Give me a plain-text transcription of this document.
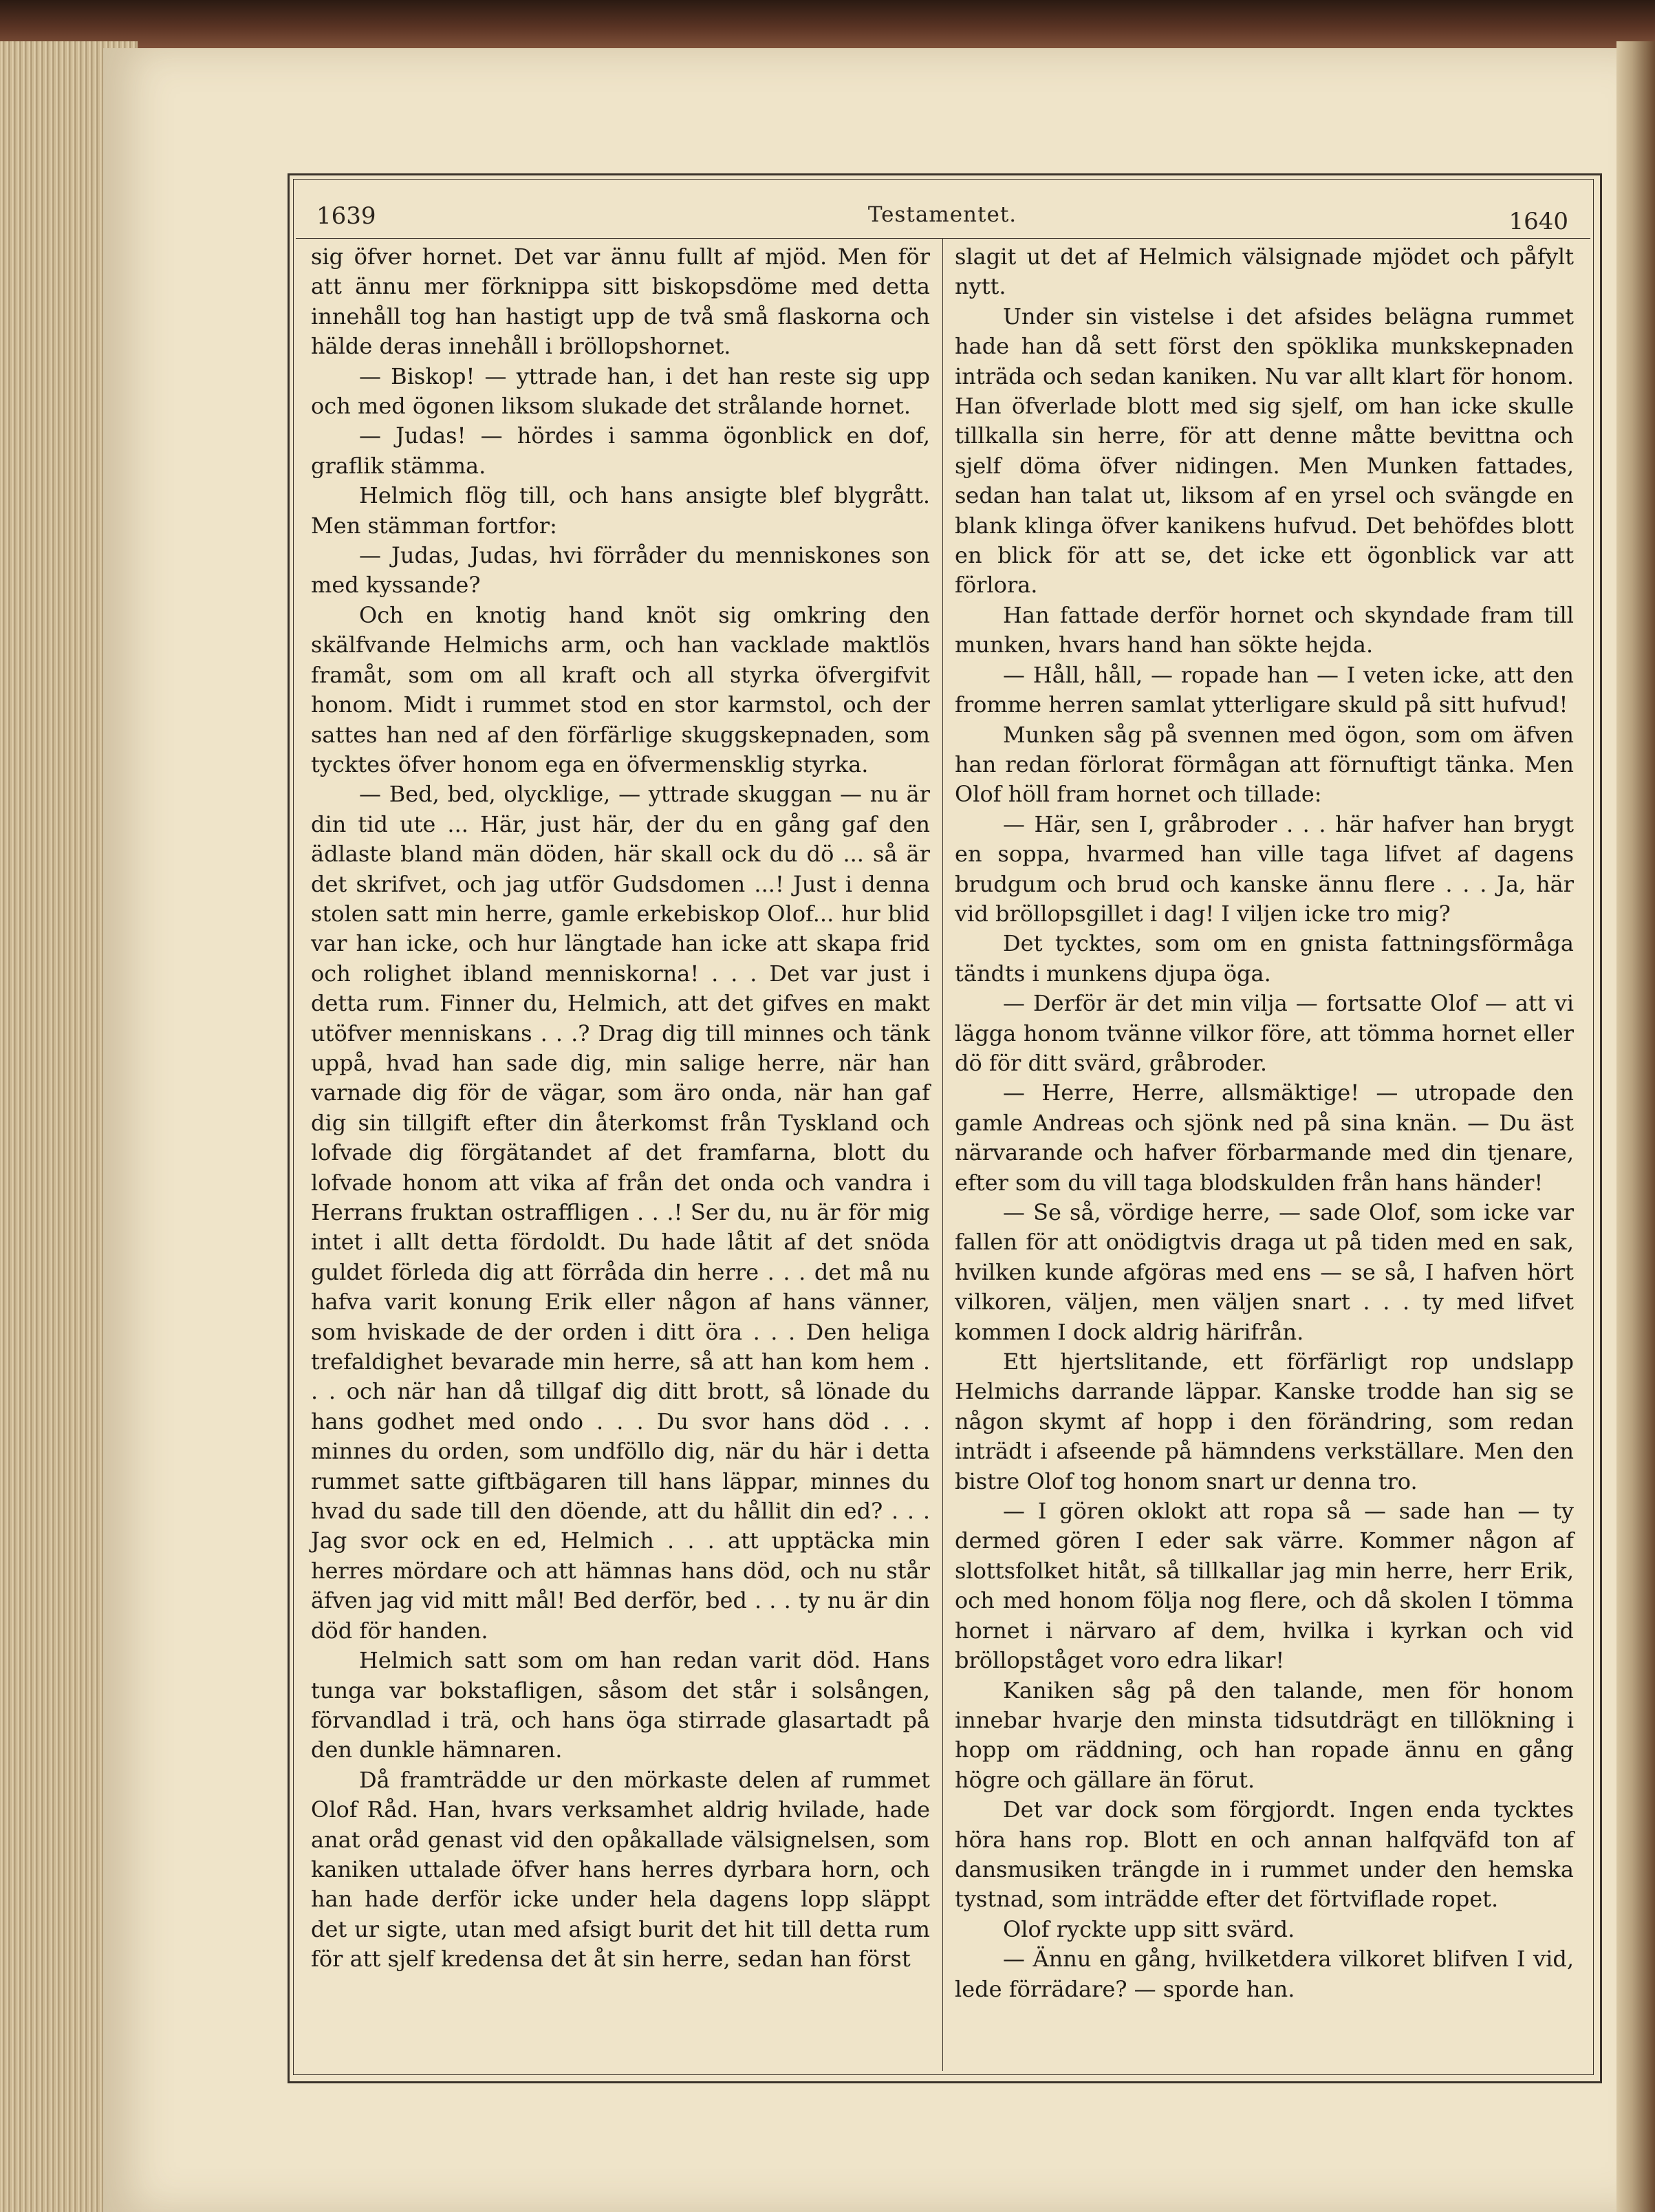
1639	Testamentet.	1640

sig öfver hornet. Det var ännu fullt af mjöd. Men för att ännu mer förknippa sitt biskopsdöme med detta innehåll tog han hastigt upp de två små flaskorna och hälde deras innehåll i bröllopshornet.

— Biskop! — yttrade han, i det han reste sig upp och med ögonen liksom slukade det strålande hornet.

— Judas! — hördes i samma ögonblick en dof, graflik stämma.

Helmich flög till, och hans ansigte blef blygrått. Men stämman fortfor:

— Judas, Judas, hvi förråder du menniskones son med kyssande?

Och en knotig hand knöt sig omkring den skälfvande Helmichs arm, och han vacklade maktlös framåt, som om all kraft och all styrka öfvergifvit honom. Midt i rummet stod en stor karmstol, och der sattes han ned af den förfärlige skuggskepnaden, som tycktes öfver honom ega en öfvermensklig styrka.

— Bed, bed, olycklige, — yttrade skuggan — nu är din tid ute ... Här, just här, der du en gång gaf den ädlaste bland män döden, här skall ock du dö ... så är det skrifvet, och jag utför Gudsdomen ...! Just i denna stolen satt min herre, gamle erkebiskop Olof... hur blid var han icke, och hur längtade han icke att skapa frid och rolighet ibland menniskorna! . . . Det var just i detta rum. Finner du, Helmich, att det gifves en makt utöfver menniskans . . .? Drag dig till minnes och tänk uppå, hvad han sade dig, min salige herre, när han varnade dig för de vägar, som äro onda, när han gaf dig sin tillgift efter din återkomst från Tyskland och lofvade dig förgätandet af det framfarna, blott du lofvade honom att vika af från det onda och vandra i Herrans fruktan ostraffligen . . .! Ser du, nu är för mig intet i allt detta fördoldt. Du hade låtit af det snöda guldet förleda dig att förråda din herre . . . det må nu hafva varit konung Erik eller någon af hans vänner, som hviskade de der orden i ditt öra . . . Den heliga trefaldighet bevarade min herre, så att han kom hem . . . och när han då tillgaf dig ditt brott, så lönade du hans godhet med ondo . . . Du svor hans död . . . minnes du orden, som undföllo dig, när du här i detta rummet satte giftbägaren till hans läppar, minnes du hvad du sade till den döende, att du hållit din ed? . . . Jag svor ock en ed, Helmich . . . att upptäcka min herres mördare och att hämnas hans död, och nu står äfven jag vid mitt mål! Bed derför, bed . . . ty nu är din död för handen.

Helmich satt som om han redan varit död. Hans tunga var bokstafligen, såsom det står i solsången, förvandlad i trä, och hans öga stirrade glasartadt på den dunkle hämnaren.

Då framträdde ur den mörkaste delen af rummet Olof Råd. Han, hvars verksamhet aldrig hvilade, hade anat oråd genast vid den opåkallade välsignelsen, som kaniken uttalade öfver hans herres dyrbara horn, och han hade derför icke under hela dagens lopp släppt det ur sigte, utan med afsigt burit det hit till detta rum för att sjelf kredensa det åt sin herre, sedan han först

slagit ut det af Helmich välsignade mjödet och påfylt nytt.

Under sin vistelse i det afsides belägna rummet hade han då sett först den spöklika munkskepnaden inträda och sedan kaniken. Nu var allt klart för honom. Han öfverlade blott med sig sjelf, om han icke skulle tillkalla sin herre, för att denne måtte bevittna och sjelf döma öfver nidingen. Men Munken fattades, sedan han talat ut, liksom af en yrsel och svängde en blank klinga öfver kanikens hufvud. Det behöfdes blott en blick för att se, det icke ett ögonblick var att förlora.

Han fattade derför hornet och skyndade fram till munken, hvars hand han sökte hejda.

— Håll, håll, — ropade han — I veten icke, att den fromme herren samlat ytterligare skuld på sitt hufvud!

Munken såg på svennen med ögon, som om äfven han redan förlorat förmågan att förnuftigt tänka. Men Olof höll fram hornet och tillade:

— Här, sen I, gråbroder . . . här hafver han brygt en soppa, hvarmed han ville taga lifvet af dagens brudgum och brud och kanske ännu flere . . . Ja, här vid bröllopsgillet i dag! I viljen icke tro mig?

Det tycktes, som om en gnista fattningsförmåga tändts i munkens djupa öga.

— Derför är det min vilja — fortsatte Olof — att vi lägga honom tvänne vilkor före, att tömma hornet eller dö för ditt svärd, gråbroder.

— Herre, Herre, allsmäktige! — utropade den gamle Andreas och sjönk ned på sina knän. — Du äst närvarande och hafver förbarmande med din tjenare, efter som du vill taga blodskulden från hans händer!

— Se så, vördige herre, — sade Olof, som icke var fallen för att onödigtvis draga ut på tiden med en sak, hvilken kunde afgöras med ens — se så, I hafven hört vilkoren, väljen, men väljen snart . . . ty med lifvet kommen I dock aldrig härifrån.

Ett hjertslitande, ett förfärligt rop undslapp Helmichs darrande läppar. Kanske trodde han sig se någon skymt af hopp i den förändring, som redan inträdt i afseende på hämndens verkställare. Men den bistre Olof tog honom snart ur denna tro.

— I gören oklokt att ropa så — sade han — ty dermed gören I eder sak värre. Kommer någon af slottsfolket hitåt, så tillkallar jag min herre, herr Erik, och med honom följa nog flere, och då skolen I tömma hornet i närvaro af dem, hvilka i kyrkan och vid bröllopståget voro edra likar!

Kaniken såg på den talande, men för honom innebar hvarje den minsta tidsutdrägt en tillökning i hopp om räddning, och han ropade ännu en gång högre och gällare än förut.

Det var dock som förgjordt. Ingen enda tycktes höra hans rop. Blott en och annan halfqväfd ton af dansmusiken trängde in i rummet under den hemska tystnad, som inträdde efter det förtviflade ropet.

Olof ryckte upp sitt svärd.

— Ännu en gång, hvilketdera vilkoret blifven I vid, lede förrädare? — sporde han.
